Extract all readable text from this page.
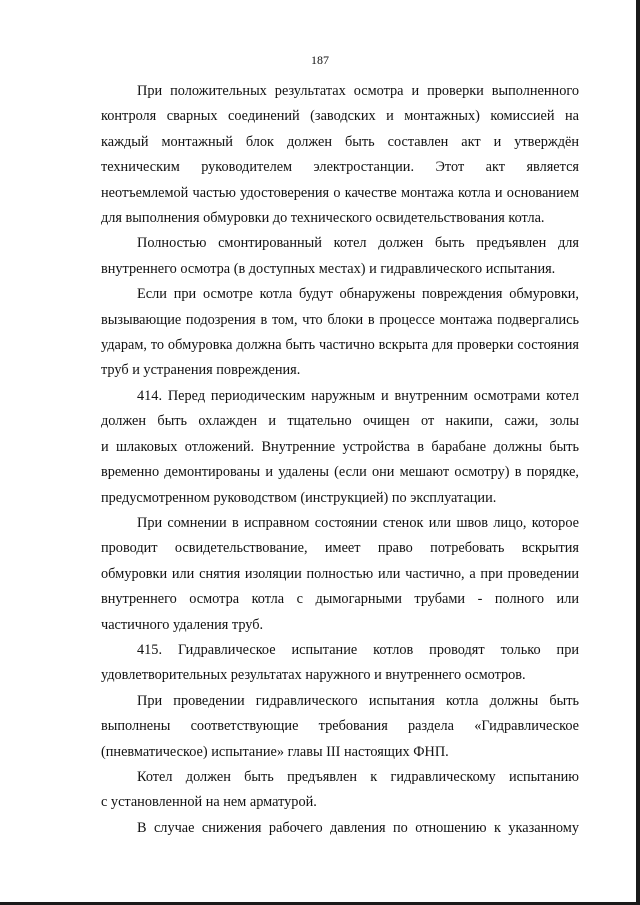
187

При положительных результатах осмотра и проверки выполненного
контроля сварных соединений (заводских и монтажных) комиссией на
каждый монтажный блок должен быть составлен акт и утверждён
техническим руководителем электростанции. Этот акт является
неотъемлемой частью удостоверения о качестве монтажа котла и основанием
для выполнения обмуровки до технического освидетельствования котла.

Полностью смонтированный котел должен быть предъявлен для
внутреннего осмотра (в доступных местах) и гидравлического испытания.

Если при осмотре котла будут обнаружены повреждения обмуровки,
вызывающие подозрения в том, что блоки в процессе монтажа подвергались
ударам, то обмуровка должна быть частично вскрыта для проверки состояния
труб и устранения повреждения.

414. Перед периодическим наружным и внутренним осмотрами котел
должен быть охлажден и тщательно очищен от накипи, сажи, золы
и шлаковых отложений. Внутренние устройства в барабане должны быть
временно демонтированы и удалены (если они мешают осмотру) в порядке,
предусмотренном руководством (инструкцией) по эксплуатации.

При сомнении в исправном состоянии стенок или швов лицо, которое
проводит освидетельствование, имеет право потребовать вскрытия
обмуровки или снятия изоляции полностью или частично, а при проведении
внутреннего осмотра котла с дымогарными трубами - полного или
частичного удаления труб.

415. Гидравлическое испытание котлов проводят только при
удовлетворительных результатах наружного и внутреннего осмотров.

При проведении гидравлического испытания котла должны быть
выполнены соответствующие требования раздела «Гидравлическое
(пневматическое) испытание» главы III настоящих ФНП.

Котел должен быть предъявлен к гидравлическому испытанию
с установленной на нем арматурой.

В случае снижения рабочего давления по отношению к указанному
